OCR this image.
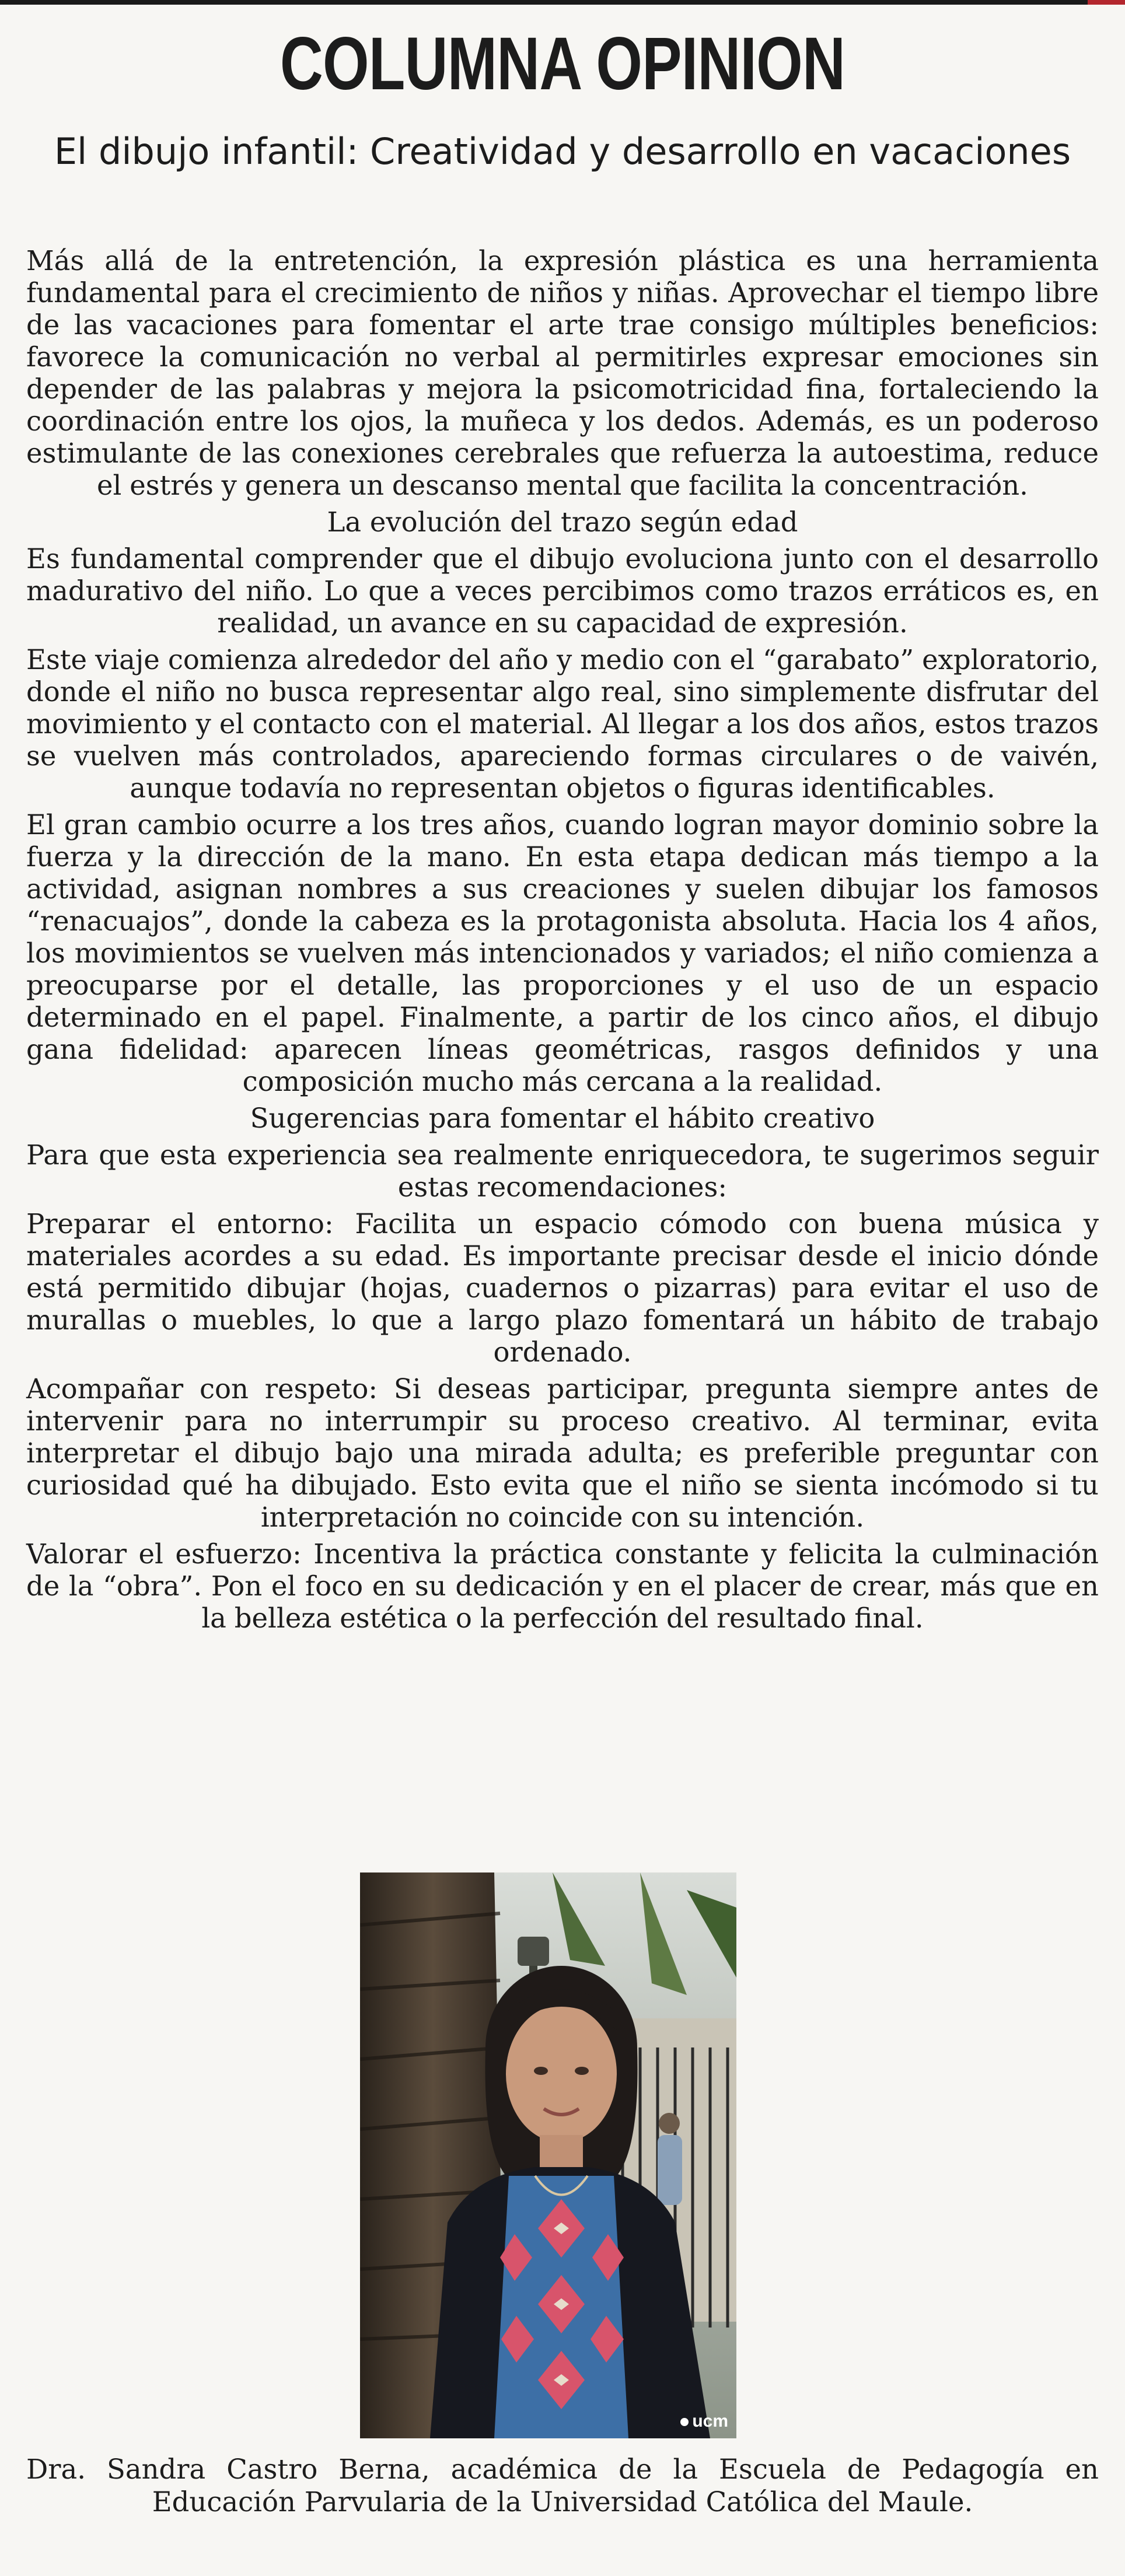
COLUMNA OPINION
El dibujo infantil: Creatividad y desarrollo en vacaciones

Más allá de la entretención, la expresión plástica es una herramienta fundamental para el crecimiento de niños y niñas. Aprovechar el tiempo libre de las vacaciones para fomentar el arte trae consigo múltiples beneficios: favorece la comunicación no verbal al permitirles expresar emociones sin depender de las palabras y mejora la psicomotricidad fina, fortaleciendo la coordinación entre los ojos, la muñeca y los dedos. Además, es un poderoso estimulante de las conexiones cerebrales que refuerza la autoestima, reduce el estrés y genera un descanso mental que facilita la concentración.

La evolución del trazo según edad

Es fundamental comprender que el dibujo evoluciona junto con el desarrollo madurativo del niño. Lo que a veces percibimos como trazos erráticos es, en realidad, un avance en su capacidad de expresión.

Este viaje comienza alrededor del año y medio con el “garabato” exploratorio, donde el niño no busca representar algo real, sino simplemente disfrutar del movimiento y el contacto con el material. Al llegar a los dos años, estos trazos se vuelven más controlados, apareciendo formas circulares o de vaivén, aunque todavía no representan objetos o figuras identificables.

El gran cambio ocurre a los tres años, cuando logran mayor dominio sobre la fuerza y la dirección de la mano. En esta etapa dedican más tiempo a la actividad, asignan nombres a sus creaciones y suelen dibujar los famosos “renacuajos”, donde la cabeza es la protagonista absoluta. Hacia los 4 años, los movimientos se vuelven más intencionados y variados; el niño comienza a preocuparse por el detalle, las proporciones y el uso de un espacio determinado en el papel. Finalmente, a partir de los cinco años, el dibujo gana fidelidad: aparecen líneas geométricas, rasgos definidos y una composición mucho más cercana a la realidad.

Sugerencias para fomentar el hábito creativo

Para que esta experiencia sea realmente enriquecedora, te sugerimos seguir estas recomendaciones:

Preparar el entorno: Facilita un espacio cómodo con buena música y materiales acordes a su edad. Es importante precisar desde el inicio dónde está permitido dibujar (hojas, cuadernos o pizarras) para evitar el uso de murallas o muebles, lo que a largo plazo fomentará un hábito de trabajo ordenado.

Acompañar con respeto: Si deseas participar, pregunta siempre antes de intervenir para no interrumpir su proceso creativo. Al terminar, evita interpretar el dibujo bajo una mirada adulta; es preferible preguntar con curiosidad qué ha dibujado. Esto evita que el niño se sienta incómodo si tu interpretación no coincide con su intención.

Valorar el esfuerzo: Incentiva la práctica constante y felicita la culminación de la “obra”. Pon el foco en su dedicación y en el placer de crear, más que en la belleza estética o la perfección del resultado final.

ucm

Dra. Sandra Castro Berna, académica de la Escuela de Pedagogía en Educación Parvularia de la Universidad Católica del Maule.
